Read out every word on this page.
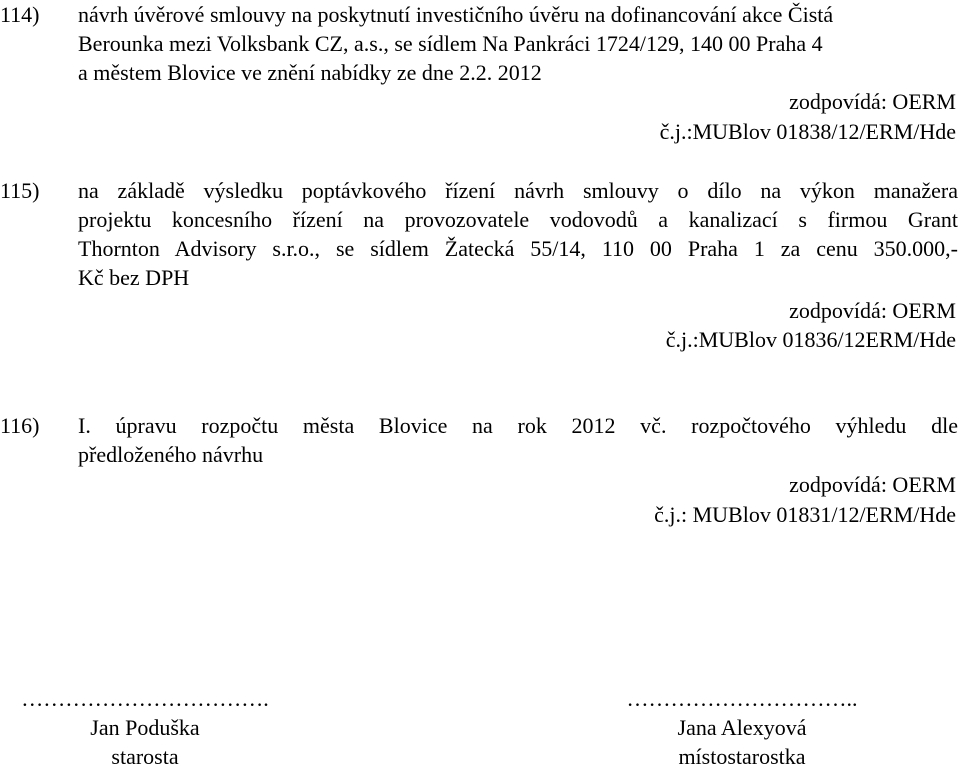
114) návrh úvěrové smlouvy na poskytnutí investičního úvěru na dofinancování akce Čistá
Berounka mezi Volksbank CZ, a.s., se sídlem Na Pankráci 1724/129, 140 00 Praha 4
a městem Blovice ve znění nabídky ze dne 2.2. 2012
zodpovídá: OERM
č.j.:MUBlov 01838/12/ERM/Hde
115) na základě výsledku poptávkového řízení návrh smlouvy o dílo na výkon manažera
projektu koncesního řízení na provozovatele vodovodů a kanalizací s firmou Grant
Thornton Advisory s.r.o., se sídlem Žatecká 55/14, 110 00 Praha 1 za cenu 350.000,-
Kč bez DPH
zodpovídá: OERM
č.j.:MUBlov 01836/12ERM/Hde
116) I. úpravu rozpočtu města Blovice na rok 2012 vč. rozpočtového výhledu dle
předloženého návrhu
zodpovídá: OERM
č.j.: MUBlov 01831/12/ERM/Hde
…………………………….
Jan Poduška
starosta
…………………………..
Jana Alexyová
místostarostka
